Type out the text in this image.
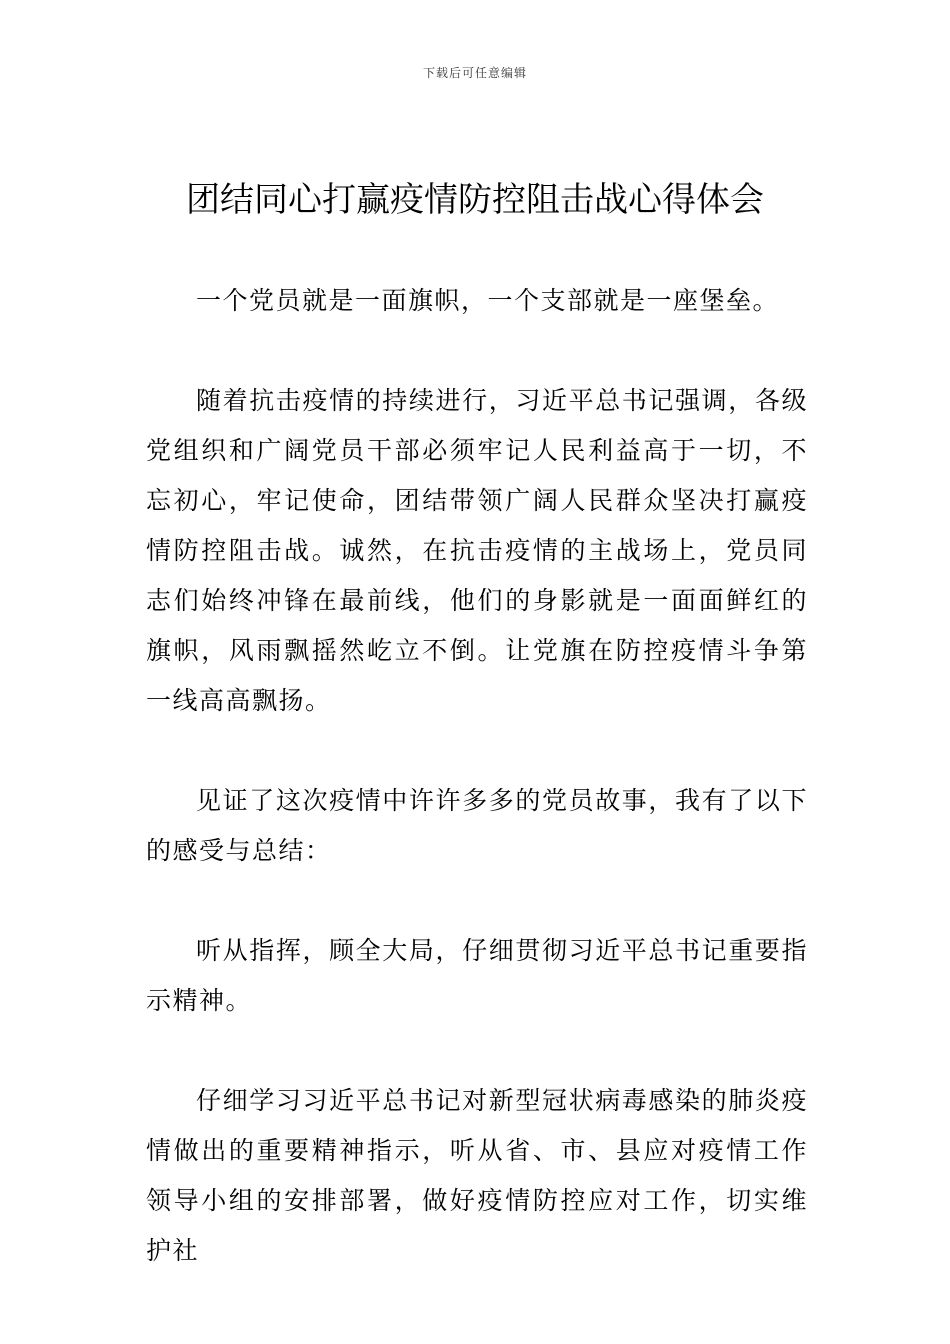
下载后可任意编辑
团结同心打赢疫情防控阻击战心得体会

一个党员就是一面旗帜，一个支部就是一座堡垒。

随着抗击疫情的持续进行，习近平总书记强调，各级党组织和广阔党员干部必须牢记人民利益高于一切，不忘初心，牢记使命，团结带领广阔人民群众坚决打赢疫情防控阻击战。诚然，在抗击疫情的主战场上，党员同志们始终冲锋在最前线，他们的身影就是一面面鲜红的旗帜，风雨飘摇然屹立不倒。让党旗在防控疫情斗争第一线高高飘扬。

见证了这次疫情中许许多多的党员故事，我有了以下的感受与总结：

听从指挥，顾全大局，仔细贯彻习近平总书记重要指示精神。

仔细学习习近平总书记对新型冠状病毒感染的肺炎疫情做出的重要精神指示，听从省、市、县应对疫情工作领导小组的安排部署，做好疫情防控应对工作，切实维护社
